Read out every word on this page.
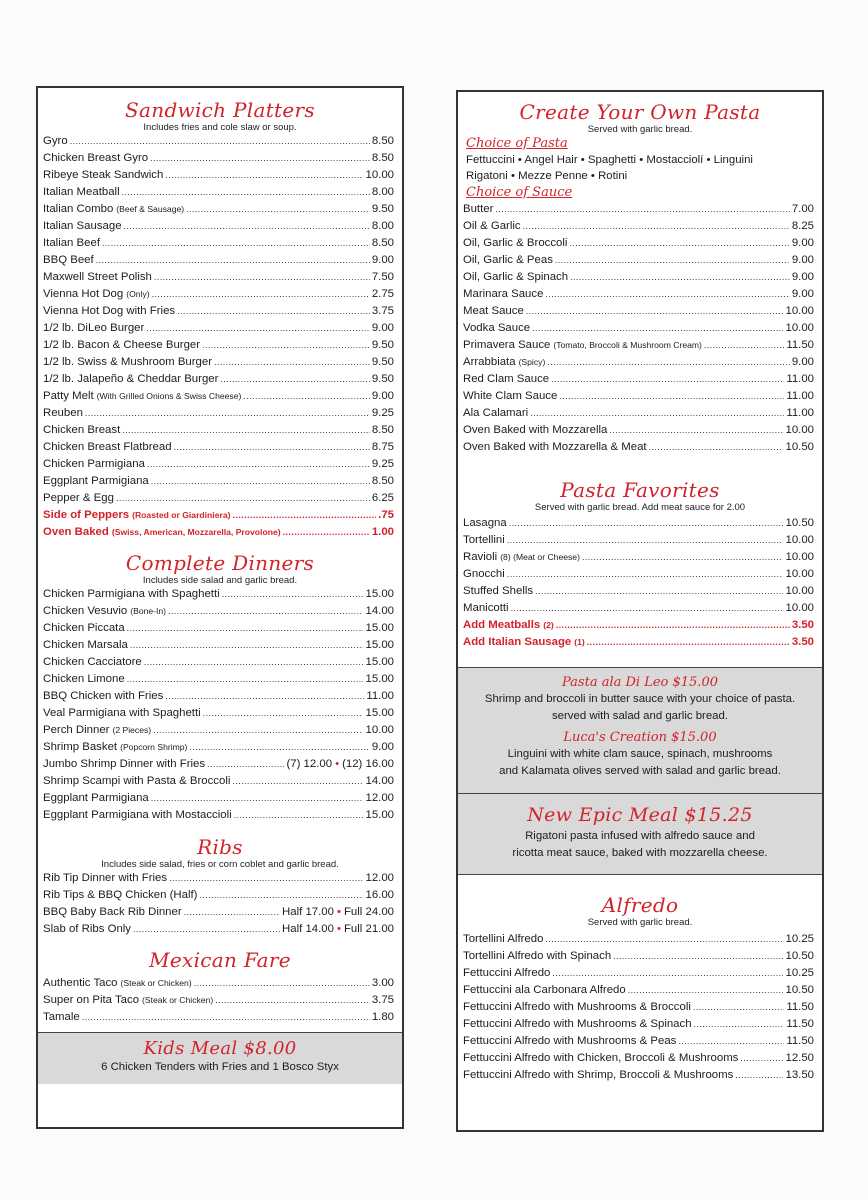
Sandwich Platters
Includes fries and cole slaw or soup.
Gyro .....	8.50
Chicken Breast Gyro .....	8.50
Ribeye Steak Sandwich .....	10.00
Italian Meatball .....	8.00
Italian Combo (Beef & Sausage) .....	9.50
Italian Sausage .....	8.00
Italian Beef .....	8.50
BBQ Beef .....	9.00
Maxwell Street Polish .....	7.50
Vienna Hot Dog (Only) .....	2.75
Vienna Hot Dog with Fries .....	3.75
1/2 lb. DiLeo Burger .....	9.00
1/2 lb. Bacon & Cheese Burger .....	9.50
1/2 lb. Swiss & Mushroom Burger .....	9.50
1/2 lb. Jalapeño & Cheddar Burger .....	9.50
Patty Melt (With Grilled Onions & Swiss Cheese) .....	9.00
Reuben .....	9.25
Chicken Breast .....	8.50
Chicken Breast Flatbread .....	8.75
Chicken Parmigiana .....	9.25
Eggplant Parmigiana .....	8.50
Pepper & Egg .....	6.25
Side of Peppers (Roasted or Giardiniera) .....	.75
Oven Baked (Swiss, American, Mozzarella, Provolone) .....	1.00
Complete Dinners
Includes side salad and garlic bread.
Chicken Parmigiana with Spaghetti .....	15.00
Chicken Vesuvio (Bone-In) .....	14.00
Chicken Piccata .....	15.00
Chicken Marsala .....	15.00
Chicken Cacciatore .....	15.00
Chicken Limone .....	15.00
BBQ Chicken with Fries .....	11.00
Veal Parmigiana with Spaghetti .....	15.00
Perch Dinner (2 Pieces) .....	10.00
Shrimp Basket (Popcorn Shrimp) .....	9.00
Jumbo Shrimp Dinner with Fries .....	(7) 12.00 • (12) 16.00
Shrimp Scampi with Pasta & Broccoli .....	14.00
Eggplant Parmigiana .....	12.00
Eggplant Parmigiana with Mostaccioli .....	15.00
Ribs
Includes side salad, fries or corn coblet and garlic bread.
Rib Tip Dinner with Fries .....	12.00
Rib Tips & BBQ Chicken (Half) .....	16.00
BBQ Baby Back Rib Dinner .....	Half 17.00 • Full 24.00
Slab of Ribs Only .....	Half 14.00 • Full 21.00
Mexican Fare
Authentic Taco (Steak or Chicken) .....	3.00
Super on Pita Taco (Steak or Chicken) .....	3.75
Tamale .....	1.80
Kids Meal $8.00
6 Chicken Tenders with Fries and 1 Bosco Styx
Create Your Own Pasta
Served with garlic bread.
Choice of Pasta
Fettuccini • Angel Hair • Spaghetti • Mostacciolí • Linguini
Rigatoni • Mezze Penne • Rotini
Choice of Sauce
Butter .....	7.00
Oil & Garlic .....	8.25
Oil, Garlic & Broccoli .....	9.00
Oil, Garlic & Peas .....	9.00
Oil, Garlic & Spinach .....	9.00
Marinara Sauce .....	9.00
Meat Sauce .....	10.00
Vodka Sauce .....	10.00
Primavera Sauce (Tomato, Broccoli & Mushroom Cream) .....	11.50
Arrabbiata (Spicy) .....	9.00
Red Clam Sauce .....	11.00
White Clam Sauce .....	11.00
Ala Calamari .....	11.00
Oven Baked with Mozzarella .....	10.00
Oven Baked with Mozzarella & Meat .....	10.50
Pasta Favorites
Served with garlic bread. Add meat sauce for 2.00
Lasagna .....	10.50
Tortellini .....	10.00
Ravioli (8) (Meat or Cheese) .....	10.00
Gnocchi .....	10.00
Stuffed Shells .....	10.00
Manicotti .....	10.00
Add Meatballs (2) .....	3.50
Add Italian Sausage (1) .....	3.50
Pasta ala Di Leo $15.00
Shrimp and broccoli in butter sauce with your choice of pasta.
served with salad and garlic bread.
Luca's Creation $15.00
Linguini with white clam sauce, spinach, mushrooms
and Kalamata olives served with salad and garlic bread.
New Epic Meal $15.25
Rigatoni pasta infused with alfredo sauce and
ricotta meat sauce, baked with mozzarella cheese.
Alfredo
Served with garlic bread.
Tortellini Alfredo .....	10.25
Tortellini Alfredo with Spinach .....	10.50
Fettuccini Alfredo .....	10.25
Fettuccini ala Carbonara Alfredo .....	10.50
Fettuccini Alfredo with Mushrooms & Broccoli .....	11.50
Fettuccini Alfredo with Mushrooms & Spinach .....	11.50
Fettuccini Alfredo with Mushrooms & Peas .....	11.50
Fettuccini Alfredo with Chicken, Broccoli & Mushrooms .....	12.50
Fettuccini Alfredo with Shrimp, Broccoli & Mushrooms .....	13.50
